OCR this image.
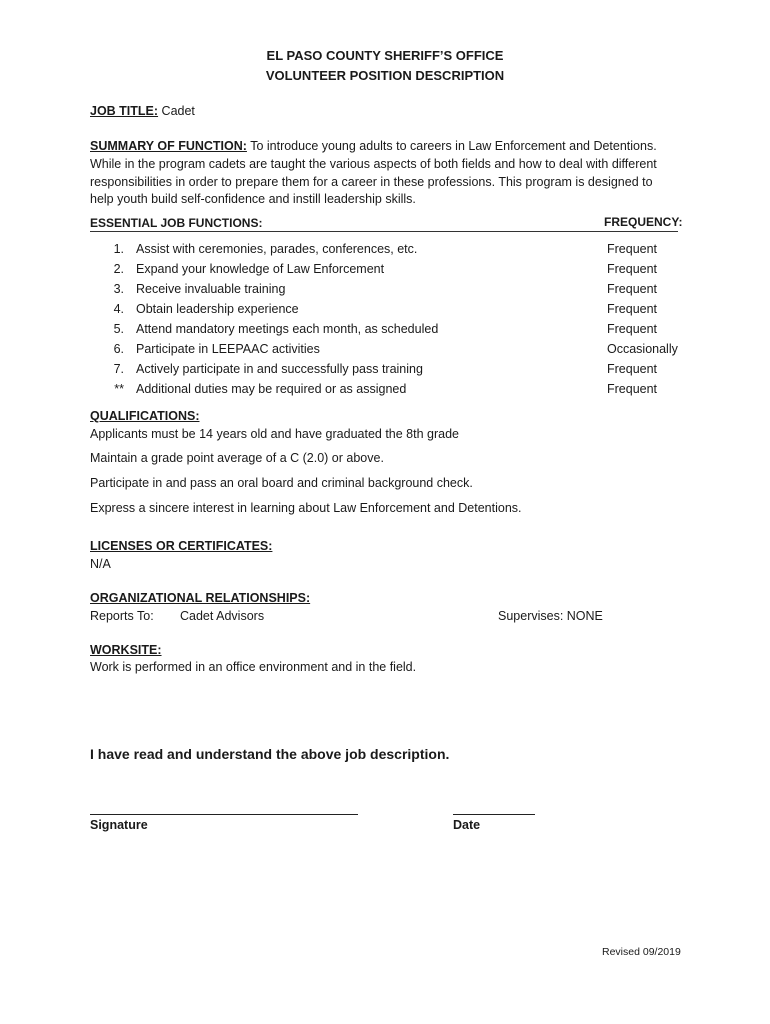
EL PASO COUNTY SHERIFF’S OFFICE
VOLUNTEER POSITION DESCRIPTION
JOB TITLE: Cadet
SUMMARY OF FUNCTION: To introduce young adults to careers in Law Enforcement and Detentions.
While in the program cadets are taught the various aspects of both fields and how to deal with different
responsibilities in order to prepare them for a career in these professions. This program is designed to
help youth build self-confidence and instill leadership skills.
ESSENTIAL JOB FUNCTIONS:	FREQUENCY:
1. Assist with ceremonies, parades, conferences, etc.	Frequent
2. Expand your knowledge of Law Enforcement	Frequent
3. Receive invaluable training	Frequent
4. Obtain leadership experience	Frequent
5. Attend mandatory meetings each month, as scheduled	Frequent
6. Participate in LEEPAAC activities	Occasionally
7. Actively participate in and successfully pass training	Frequent
** Additional duties may be required or as assigned	Frequent
QUALIFICATIONS:
Applicants must be 14 years old and have graduated the 8th grade
Maintain a grade point average of a C (2.0) or above.
Participate in and pass an oral board and criminal background check.
Express a sincere interest in learning about Law Enforcement and Detentions.
LICENSES OR CERTIFICATES:
N/A
ORGANIZATIONAL RELATIONSHIPS:
Reports To: Cadet Advisors	Supervises: NONE
WORKSITE:
Work is performed in an office environment and in the field.
I have read and understand the above job description.
Signature	Date
Revised 09/2019
